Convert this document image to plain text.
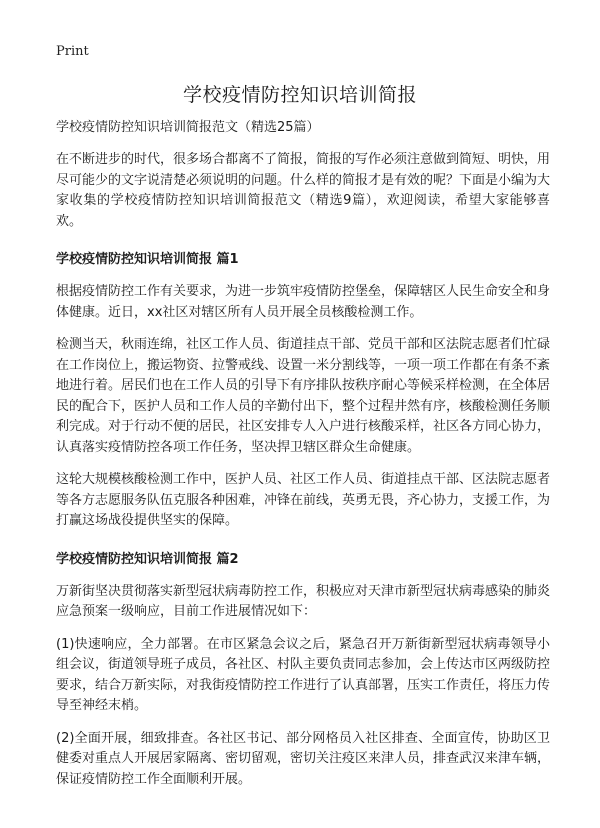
Print
学校疫情防控知识培训简报

学校疫情防控知识培训简报范文（精选25篇）

在不断进步的时代，很多场合都离不了简报，简报的写作必须注意做到简短、明快，用尽可能少的文字说清楚必须说明的问题。什么样的简报才是有效的呢？下面是小编为大家收集的学校疫情防控知识培训简报范文（精选9篇），欢迎阅读，希望大家能够喜欢。

学校疫情防控知识培训简报 篇1

根据疫情防控工作有关要求，为进一步筑牢疫情防控堡垒，保障辖区人民生命安全和身体健康。近日，xx社区对辖区所有人员开展全员核酸检测工作。

检测当天，秋雨连绵，社区工作人员、街道挂点干部、党员干部和区法院志愿者们忙碌在工作岗位上，搬运物资、拉警戒线、设置一米分割线等，一项一项工作都在有条不紊地进行着。居民们也在工作人员的引导下有序排队按秩序耐心等候采样检测，在全体居民的配合下，医护人员和工作人员的辛勤付出下，整个过程井然有序，核酸检测任务顺利完成。对于行动不便的居民，社区安排专人入户进行核酸采样，社区各方同心协力，认真落实疫情防控各项工作任务，坚决捍卫辖区群众生命健康。

这轮大规模核酸检测工作中，医护人员、社区工作人员、街道挂点干部、区法院志愿者等各方志愿服务队伍克服各种困难，冲锋在前线，英勇无畏，齐心协力，支援工作，为打赢这场战役提供坚实的保障。

学校疫情防控知识培训简报 篇2

万新街坚决贯彻落实新型冠状病毒防控工作，积极应对天津市新型冠状病毒感染的肺炎应急预案一级响应，目前工作进展情况如下：

(1)快速响应，全力部署。在市区紧急会议之后，紧急召开万新街新型冠状病毒领导小组会议，街道领导班子成员，各社区、村队主要负责同志参加，会上传达市区两级防控要求，结合万新实际，对我街疫情防控工作进行了认真部署，压实工作责任，将压力传导至神经末梢。

(2)全面开展，细致排查。各社区书记、部分网格员入社区排查、全面宣传，协助区卫健委对重点人开展居家隔离、密切留观，密切关注疫区来津人员，排查武汉来津车辆，保证疫情防控工作全面顺利开展。
